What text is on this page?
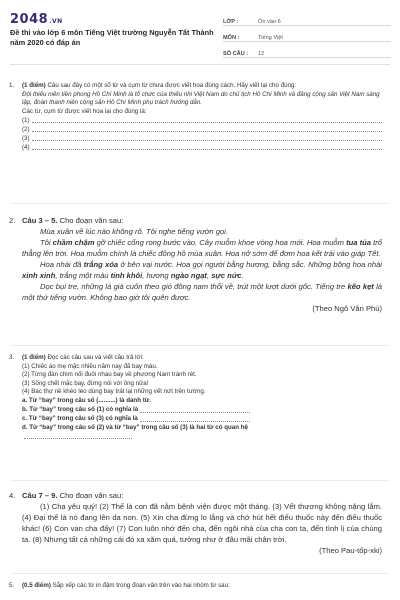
2048.VN
Đề thi vào lớp 6 môn Tiếng Việt trường Nguyễn Tất Thành năm 2020 có đáp án
LỚP :	Ôn vào 6
MÔN :	Tiếng Việt
SỐ CÂU :	12
1. (1 điểm) Câu sau đây có một số từ và cụm từ chưa được viết hoa đúng cách. Hãy viết lại cho đúng:

Đội thiếu niên tiền phong Hồ Chí Minh là tổ chức của thiếu nhi Việt Nam do chủ tịch Hồ Chí Minh và đảng cộng sản Việt Nam sáng lập, đoàn thanh niên cộng sản Hồ Chí Minh phụ trách hướng dẫn.

Các từ, cụm từ được viết hoa lại cho đúng là:

(1)
(2)
(3)
(4)
2. Câu 3 – 5. Cho đoạn văn sau:

Mùa xuân về lúc nào không rõ. Tôi nghe tiếng vườn gọi.

Tôi chầm chậm gỡ chiếc cổng rong bước vào. Cây muỗm khoe vòng hoa mới. Hoa muỗm tua tủa trổ thẳng lên trời. Hoa muỗm chính là chiếc đồng hồ mùa xuân. Hoa nở sớm để đơm hoa kết trái vào giáp Tết.

Hoa nhài đã trắng xóa ở bên vại nước. Hoa gọi người bằng hương, bằng sắc. Những bông hoa nhài xinh xinh, trắng một màu tinh khôi, hương ngào ngạt, sực nức.

Dọc bụi tre, những lá già cuốn theo gió đông nam thổi về, trút một lượt dưới gốc. Tiếng tre kẽo kẹt là một thứ tiếng vườn. Không bao giờ tôi quên được.

(Theo Ngô Văn Phú)

3. (1 điểm) Đọc các câu sau và viết câu trả lời:

(1) Chiếc áo mẹ mặc nhiều năm nay đã bay màu.

(2) Từng đàn chim nối đuôi nhau bay về phương Nam tránh rét.

(3) Sống chết mặc bay, đừng nói với ông nữa!

(4) Bác thợ nề khéo léo dùng bay trát lại những vết nứt trên tường.

a. Từ “bay” trong câu số (..........) là danh từ.

b. Từ “bay” trong câu số (1) có nghĩa là
c. Từ “bay” trong câu số (3) có nghĩa là

d. Từ “bay” trong câu số (2) và từ “bay” trong câu số (3) là hai từ có quan hệ

4. Câu 7 – 9. Cho đoạn văn sau:

(1) Cha yêu quý! (2) Thế là con đã nằm bệnh viện được một tháng. (3) Vết thương không nặng lắm. (4) Đại thể là nó đang lên da non. (5) Xin cha đừng lo lắng và chớ hút hết điếu thuốc này đến điếu thuốc khác! (6) Con van cha đấy! (7) Con luôn nhớ đến cha, đến ngôi nhà của cha con ta, đến tình lị của chúng ta. (8) Nhưng tất cả những cái đó xa xăm quá, tưởng như ở đâu mãi chân trời.

(Theo Pau-tốp-xki)

5. (0.5 điểm) Sắp xếp các từ in đậm trong đoạn văn trên vào hai nhóm từ sau:
